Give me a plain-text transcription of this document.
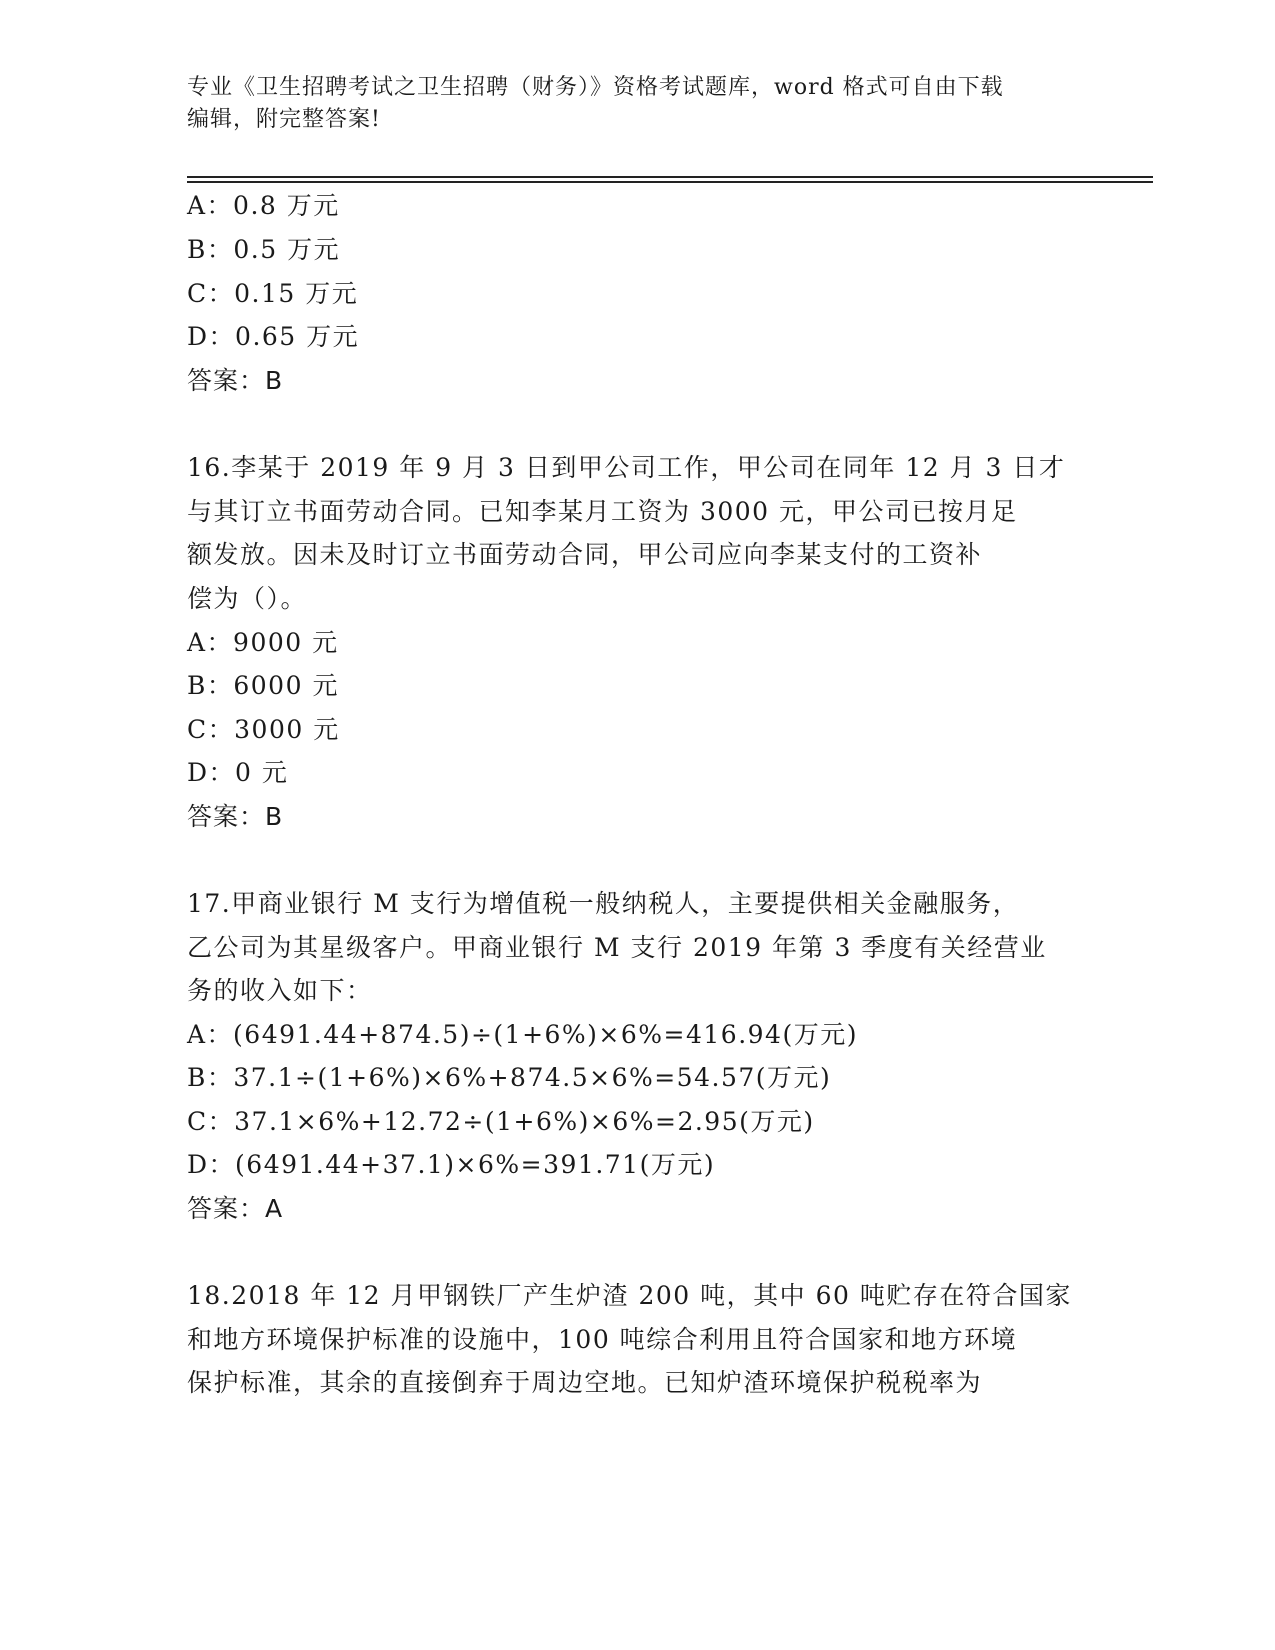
专业《卫生招聘考试之卫生招聘（财务）》资格考试题库，word 格式可自由下载
编辑，附完整答案!
A：0.8 万元
B：0.5 万元
C：0.15 万元
D：0.65 万元
答案：B
16.李某于 2019 年 9 月 3 日到甲公司工作，甲公司在同年 12 月 3 日才
与其订立书面劳动合同。已知李某月工资为 3000 元，甲公司已按月足
额发放。因未及时订立书面劳动合同，甲公司应向李某支付的工资补
偿为（）。
A：9000 元
B：6000 元
C：3000 元
D：0 元
答案：B
17.甲商业银行 M 支行为增值税一般纳税人，主要提供相关金融服务，
乙公司为其星级客户。甲商业银行 M 支行 2019 年第 3 季度有关经营业
务的收入如下：
A：(6491.44+874.5)÷(1+6%)×6%=416.94(万元)
B：37.1÷(1+6%)×6%+874.5×6%=54.57(万元)
C：37.1×6%+12.72÷(1+6%)×6%=2.95(万元)
D：(6491.44+37.1)×6%=391.71(万元)
答案：A
18.2018 年 12 月甲钢铁厂产生炉渣 200 吨，其中 60 吨贮存在符合国家
和地方环境保护标准的设施中，100 吨综合利用且符合国家和地方环境
保护标准，其余的直接倒弃于周边空地。已知炉渣环境保护税税率为
